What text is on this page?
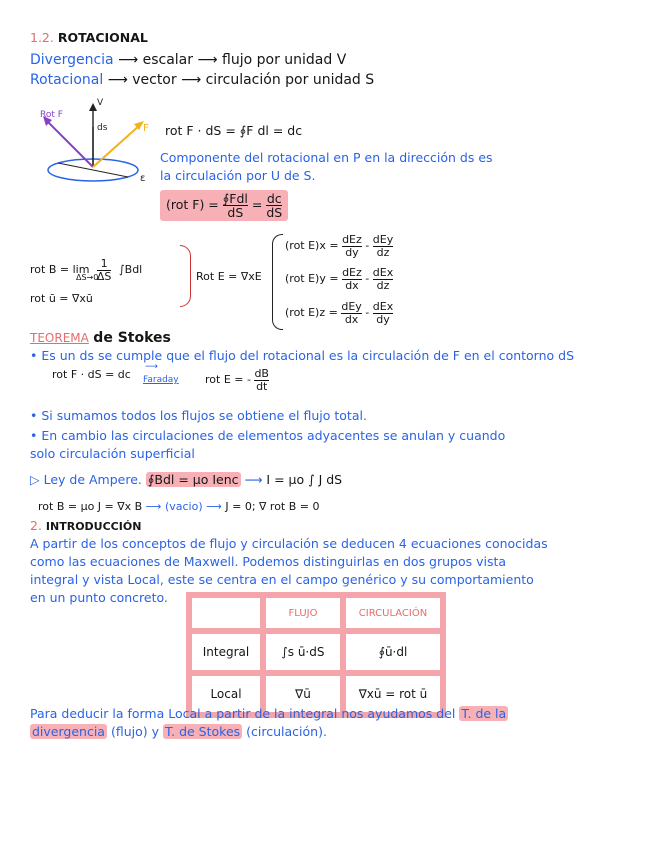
1.2. ROTACIONAL
Divergencia ⟶ escalar ⟶ flujo por unidad V
Rotacional ⟶ vector ⟶ circulación por unidad S
Rot F
V
ds	F
ε
rot F · dS = ∮F dl = dc
Componente del rotacional en P en la dirección ds es
la circulación por U de S.
(rot $F) = \frac{\text{∮Fdl}}{dS} = \frac{dc}{dS}$
rot $B = \lim \frac{1}{\Delta S} \int Bdl$
ΔS→0
rot ū = ∇xū
Rot E = ∇xE
(rot $E)x = \frac{\text{dEz}}{dy} - \frac{\text{dEy}}{dz}$
(rot $E)y = \frac{\text{dEz}}{dx} - \frac{\text{dEx}}{dz}$
(rot $E)z = \frac{\text{dEy}}{dx} - \frac{\text{dEx}}{dy}$
TEOREMA de Stokes
• Es un ds se cumple que el flujo del rotacional es la circulación de F en el contorno dS
rot F · dS = dc
⟶
Faraday rot E = - $\frac{dB}{dt}$
• Si sumamos todos los flujos se obtiene el flujo total.
• En cambio las circulaciones de elementos adyacentes se anulan y cuando
solo circulación superficial
▷ Ley de Ampere. ∮Bdl = μo Ienc ⟶ I = μo ∫ J dS
rot B = μo J = ∇x B ⟶ (vacio) ⟶ J = 0; ∇ rot B = 0
2. INTRODUCCIÓN
A partir de los conceptos de flujo y circulación se deducen 4 ecuaciones conocidas
como las ecuaciones de Maxwell. Podemos distinguirlas en dos grupos vista
integral y vista Local, este se centra en el campo genérico y su comportamiento
en un punto concreto.
	FLUJO	CIRCULACIÓN
Integral	∫s ū·dS	∮ū·dl
Local	∇ū	∇xū = rot ū
Para deducir la forma Local a partir de la integral nos ayudamos del T. de la
divergencia (flujo) y T. de Stokes (circulación).
